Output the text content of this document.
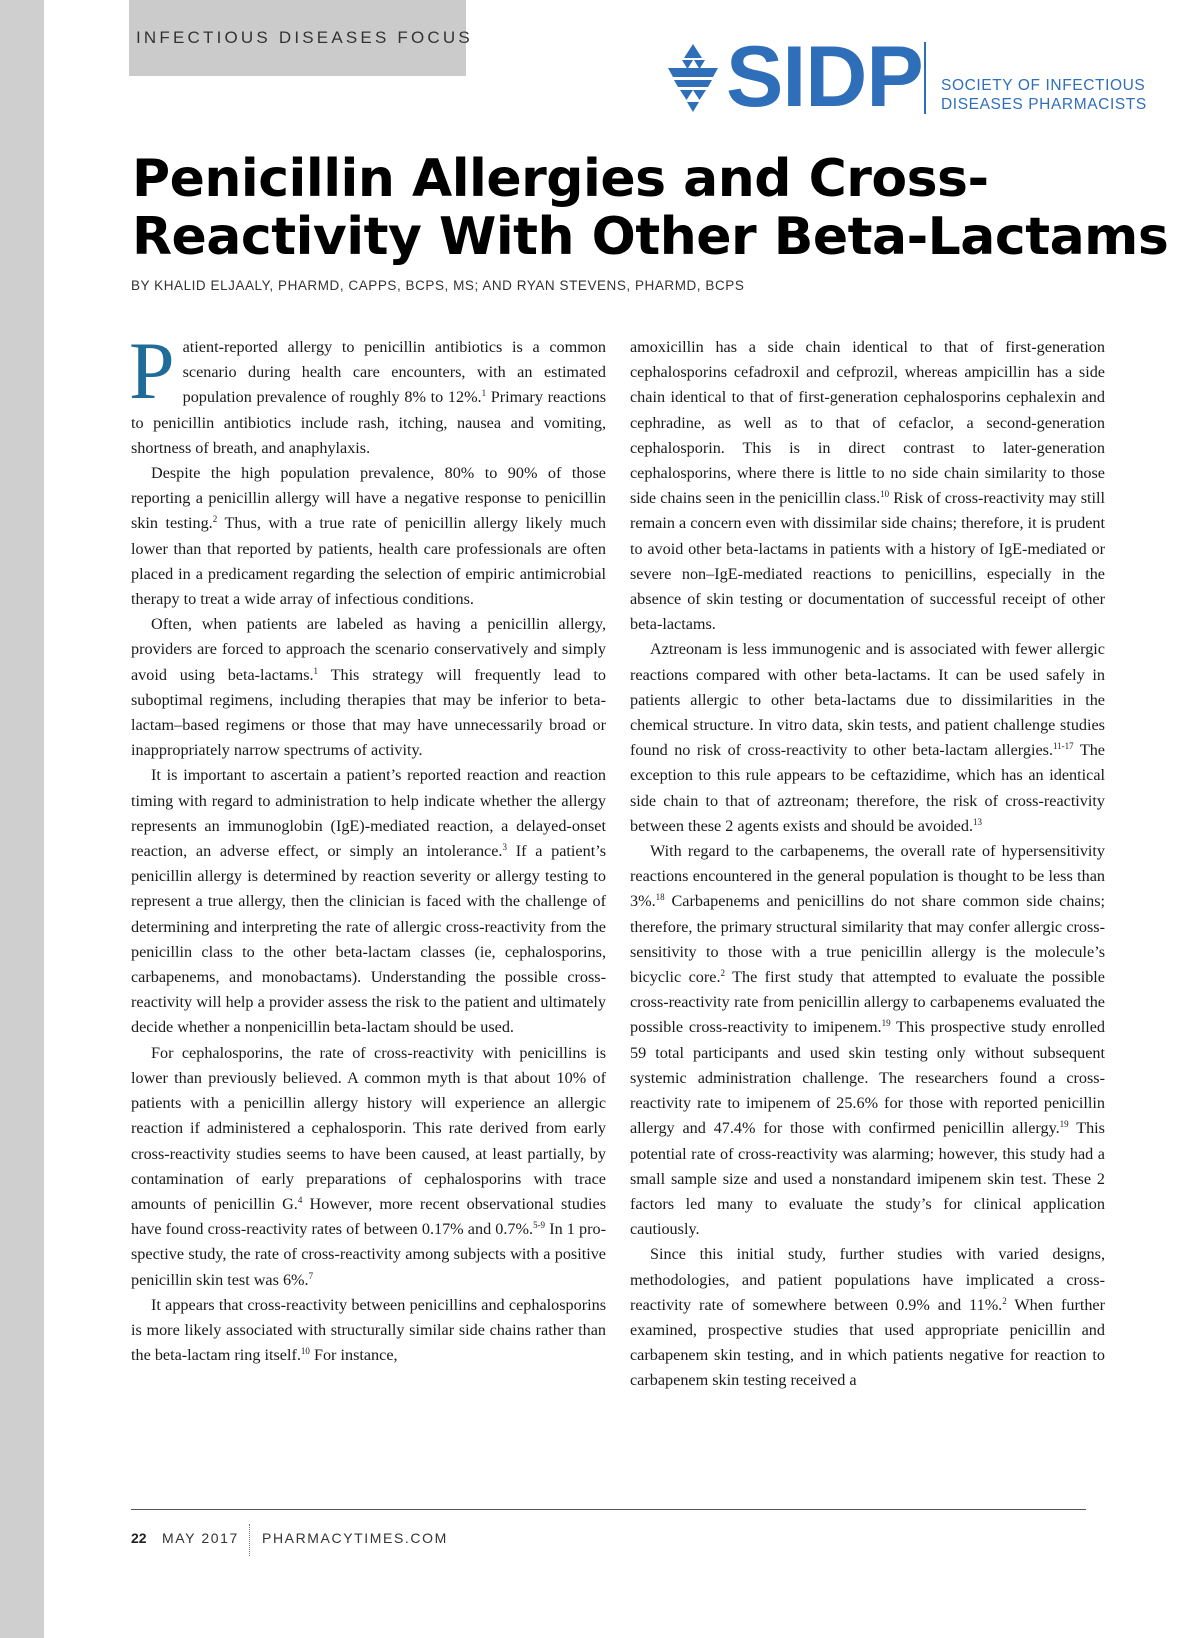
INFECTIOUS DISEASES FOCUS	SIDP SOCIETY OF INFECTIOUS
DISEASES PHARMACISTS
Penicillin Allergies and Cross-
Reactivity With Other Beta-Lactams
BY KHALID ELJAALY, PHARMD, CAPPS, BCPS, MS; AND RYAN STEVENS, PHARMD, BCPS

Patient-reported allergy to penicillin antibiotics is a common scenario during health care encounters, with an estimated population prevalence of roughly 8% to 12%.$^1$ Primary reactions to penicillin antibiotics include rash, itching, nausea and vomiting, shortness of breath, and anaphylaxis.

Despite the high population prevalence, 80% to 90% of those reporting a penicillin allergy will have a negative response to penicillin skin testing.$^2$ Thus, with a true rate of penicillin allergy likely much lower than that reported by patients, health care professionals are often placed in a predicament regarding the selection of empiric antimicrobial therapy to treat a wide array of infectious conditions.

Often, when patients are labeled as having a penicillin allergy, providers are forced to approach the scenario conservatively and simply avoid using beta-lactams.$^1$ This strategy will frequently lead to suboptimal regimens, including therapies that may be inferior to beta-lactam–based regimens or those that may have unnecessarily broad or inappropriately narrow spectrums of activity.

It is important to ascertain a patient’s reported reaction and reaction timing with regard to administration to help indicate whether the allergy represents an immunoglobin (IgE)-mediated reaction, a delayed-onset reaction, an adverse effect, or simply an intolerance.$^3$ If a patient’s penicillin allergy is determined by reaction severity or allergy testing to represent a true allergy, then the clinician is faced with the challenge of determining and interpreting the rate of allergic cross-reactivity from the penicillin class to the other beta-lactam classes (ie, cephalosporins, carbapenems, and monobactams). Understanding the possible cross-reactivity will help a provider assess the risk to the patient and ultimately decide whether a nonpenicillin beta-lactam should be used.

For cephalosporins, the rate of cross-reactivity with penicillins is lower than previously believed. A common myth is that about 10% of patients with a penicillin allergy history will experience an allergic reaction if administered a cephalosporin. This rate derived from early cross-reactivity studies seems to have been caused, at least partially, by contamination of early preparations of cephalosporins with trace amounts of penicillin G.$^4$ However, more recent observational studies have found cross-reactivity rates of between 0.17% and 0.7%.$^{5-9}$ In 1 prospective study, the rate of cross-reactivity among subjects with a positive penicillin skin test was 6%.$^7$

It appears that cross-reactivity between penicillins and cephalosporins is more likely associated with structurally similar side chains rather than the beta-lactam ring itself.$^{10}$ For instance,

amoxicillin has a side chain identical to that of first-generation cephalosporins cefadroxil and cefprozil, whereas ampicillin has a side chain identical to that of first-generation cephalosporins cephalexin and cephradine, as well as to that of cefaclor, a second-generation cephalosporin. This is in direct contrast to later-generation cephalosporins, where there is little to no side chain similarity to those side chains seen in the penicillin class.$^{10}$ Risk of cross-reactivity may still remain a concern even with dissimilar side chains; therefore, it is prudent to avoid other beta-lactams in patients with a history of IgE-mediated or severe non–IgE-mediated reactions to penicillins, especially in the absence of skin testing or documentation of successful receipt of other beta-lactams.

Aztreonam is less immunogenic and is associated with fewer allergic reactions compared with other beta-lactams. It can be used safely in patients allergic to other beta-lactams due to dissimilarities in the chemical structure. In vitro data, skin tests, and patient challenge studies found no risk of cross-reactivity to other beta-lactam allergies.$^{11-17}$ The exception to this rule appears to be ceftazidime, which has an identical side chain to that of aztreonam; therefore, the risk of cross-reactivity between these 2 agents exists and should be avoided.$^{13}$

With regard to the carbapenems, the overall rate of hypersensitivity reactions encountered in the general population is thought to be less than 3%.$^{18}$ Carbapenems and penicillins do not share common side chains; therefore, the primary structural similarity that may confer allergic cross-sensitivity to those with a true penicillin allergy is the molecule’s bicyclic core.$^2$ The first study that attempted to evaluate the possible cross-reactivity rate from penicillin allergy to carbapenems evaluated the possible cross-reactivity to imipenem.$^{19}$ This prospective study enrolled 59 total participants and used skin testing only without subsequent systemic administration challenge. The researchers found a cross-reactivity rate to imipenem of 25.6% for those with reported penicillin allergy and 47.4% for those with confirmed penicillin allergy.$^{19}$ This potential rate of cross-reactivity was alarming; however, this study had a small sample size and used a nonstandard imipenem skin test. These 2 factors led many to evaluate the study’s for clinical application cautiously.

Since this initial study, further studies with varied designs, methodologies, and patient populations have implicated a cross-reactivity rate of somewhere between 0.9% and 11%.$^2$ When further examined, prospective studies that used appropriate penicillin and carbapenem skin testing, and in which patients negative for reaction to carbapenem skin testing received a

22 MAY 2017 PHARMACYTIMES.COM
